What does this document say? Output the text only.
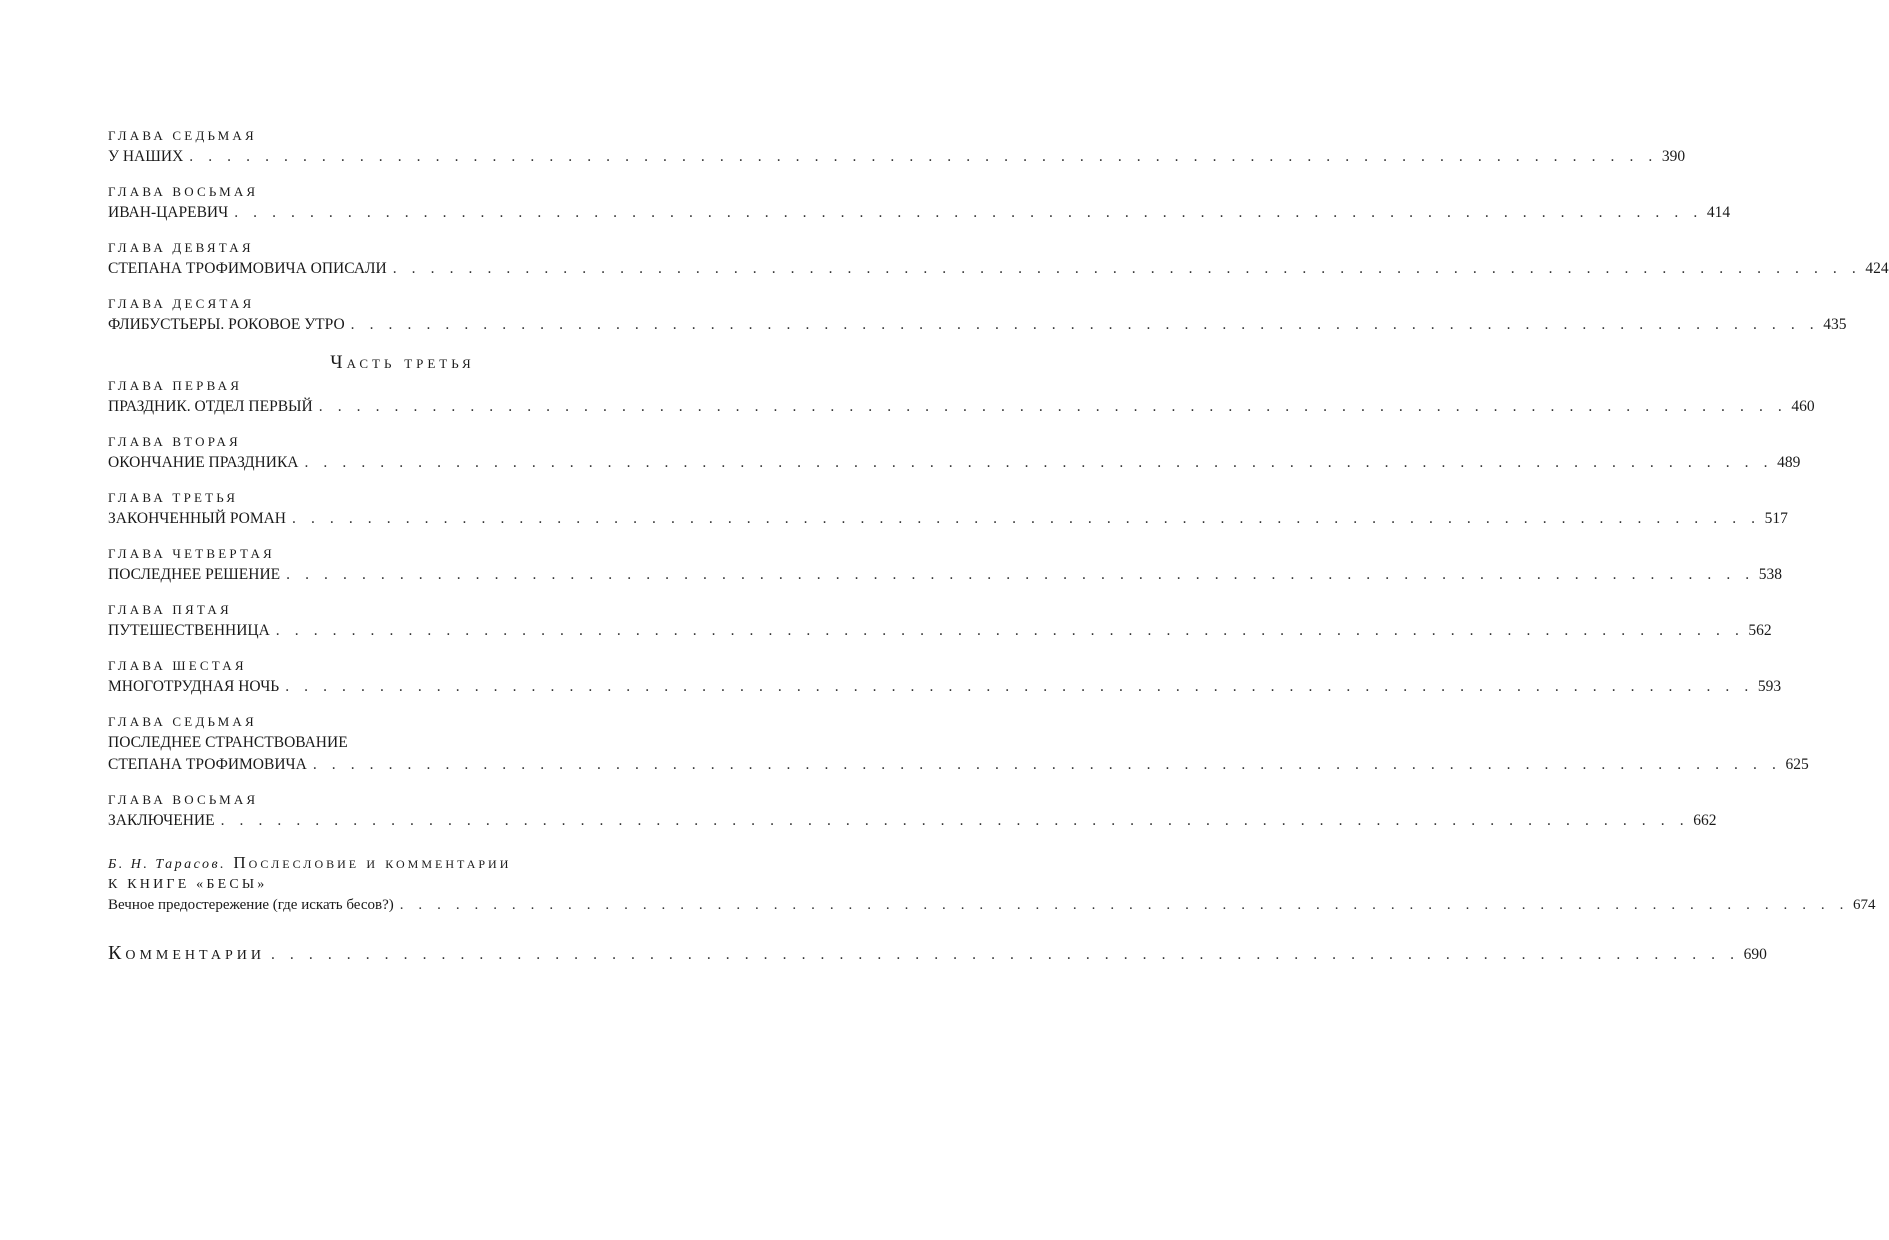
ГЛАВА СЕДЬМАЯ
У НАШИХ . . . . . . . . . . . . . . . . . . . . . . . . . . . . . . . . . . . . . . . . . . . . . . . . . . . . . . . . . . . . . . . . . . . . . . . . . . . . . . 390
ГЛАВА ВОСЬМАЯ
ИВАН-ЦАРЕВИЧ . . . . . . . . . . . . . . . . . . . . . . . . . . . . . . . . . . . . . . . . . . . . . . . . . . . . . . . . . . . . . . . . . . . . . . . . . . . . . . 414
ГЛАВА ДЕВЯТАЯ
СТЕПАНА ТРОФИМОВИЧА ОПИСАЛИ . . . . . . . . . . . . . . . . . . . . . . . . . . . . . . . . . . . . . . . . . . . . . . . . . . . . . . . . . . . . . . . . . . . . . . . . . . . . . . 424
ГЛАВА ДЕСЯТАЯ
ФЛИБУСТЬЕРЫ. РОКОВОЕ УТРО . . . . . . . . . . . . . . . . . . . . . . . . . . . . . . . . . . . . . . . . . . . . . . . . . . . . . . . . . . . . . . . . . . . . . . . . . . . . . . 435
Часть третья
ГЛАВА ПЕРВАЯ
ПРАЗДНИК. ОТДЕЛ ПЕРВЫЙ . . . . . . . . . . . . . . . . . . . . . . . . . . . . . . . . . . . . . . . . . . . . . . . . . . . . . . . . . . . . . . . . . . . . . . . . . . . . . . 460
ГЛАВА ВТОРАЯ
ОКОНЧАНИЕ ПРАЗДНИКА . . . . . . . . . . . . . . . . . . . . . . . . . . . . . . . . . . . . . . . . . . . . . . . . . . . . . . . . . . . . . . . . . . . . . . . . . . . . . . 489
ГЛАВА ТРЕТЬЯ
ЗАКОНЧЕННЫЙ РОМАН . . . . . . . . . . . . . . . . . . . . . . . . . . . . . . . . . . . . . . . . . . . . . . . . . . . . . . . . . . . . . . . . . . . . . . . . . . . . . . 517
ГЛАВА ЧЕТВЕРТАЯ
ПОСЛЕДНЕЕ РЕШЕНИЕ . . . . . . . . . . . . . . . . . . . . . . . . . . . . . . . . . . . . . . . . . . . . . . . . . . . . . . . . . . . . . . . . . . . . . . . . . . . . . . 538
ГЛАВА ПЯТАЯ
ПУТЕШЕСТВЕННИЦА . . . . . . . . . . . . . . . . . . . . . . . . . . . . . . . . . . . . . . . . . . . . . . . . . . . . . . . . . . . . . . . . . . . . . . . . . . . . . . 562
ГЛАВА ШЕСТАЯ
МНОГОТРУДНАЯ НОЧЬ . . . . . . . . . . . . . . . . . . . . . . . . . . . . . . . . . . . . . . . . . . . . . . . . . . . . . . . . . . . . . . . . . . . . . . . . . . . . . . 593
ГЛАВА СЕДЬМАЯ
ПОСЛЕДНЕЕ СТРАНСТВОВАНИЕ
СТЕПАНА ТРОФИМОВИЧА . . . . . . . . . . . . . . . . . . . . . . . . . . . . . . . . . . . . . . . . . . . . . . . . . . . . . . . . . . . . . . . . . . . . . . . . . . . . . . 625
ГЛАВА ВОСЬМАЯ
ЗАКЛЮЧЕНИЕ . . . . . . . . . . . . . . . . . . . . . . . . . . . . . . . . . . . . . . . . . . . . . . . . . . . . . . . . . . . . . . . . . . . . . . . . . . . . . . 662
Б. Н. Тарасов. Послесловие и комментарии
К КНИГЕ «БЕСЫ»
Вечное предостережение (где искать бесов?) . . . . . . . . . . . . . . . . . . . . . . . . . . . . . . . . . . . . . . . . . . . . . . . . . . . . . . . . . . . . . . . . . . . . . . . . . . . . . . 674
Комментарии . . . . . . . . . . . . . . . . . . . . . . . . . . . . . . . . . . . . . . . . . . . . . . . . . . . . . . . . . . . . . . . . . . . . . . . . . . . . . . 690
